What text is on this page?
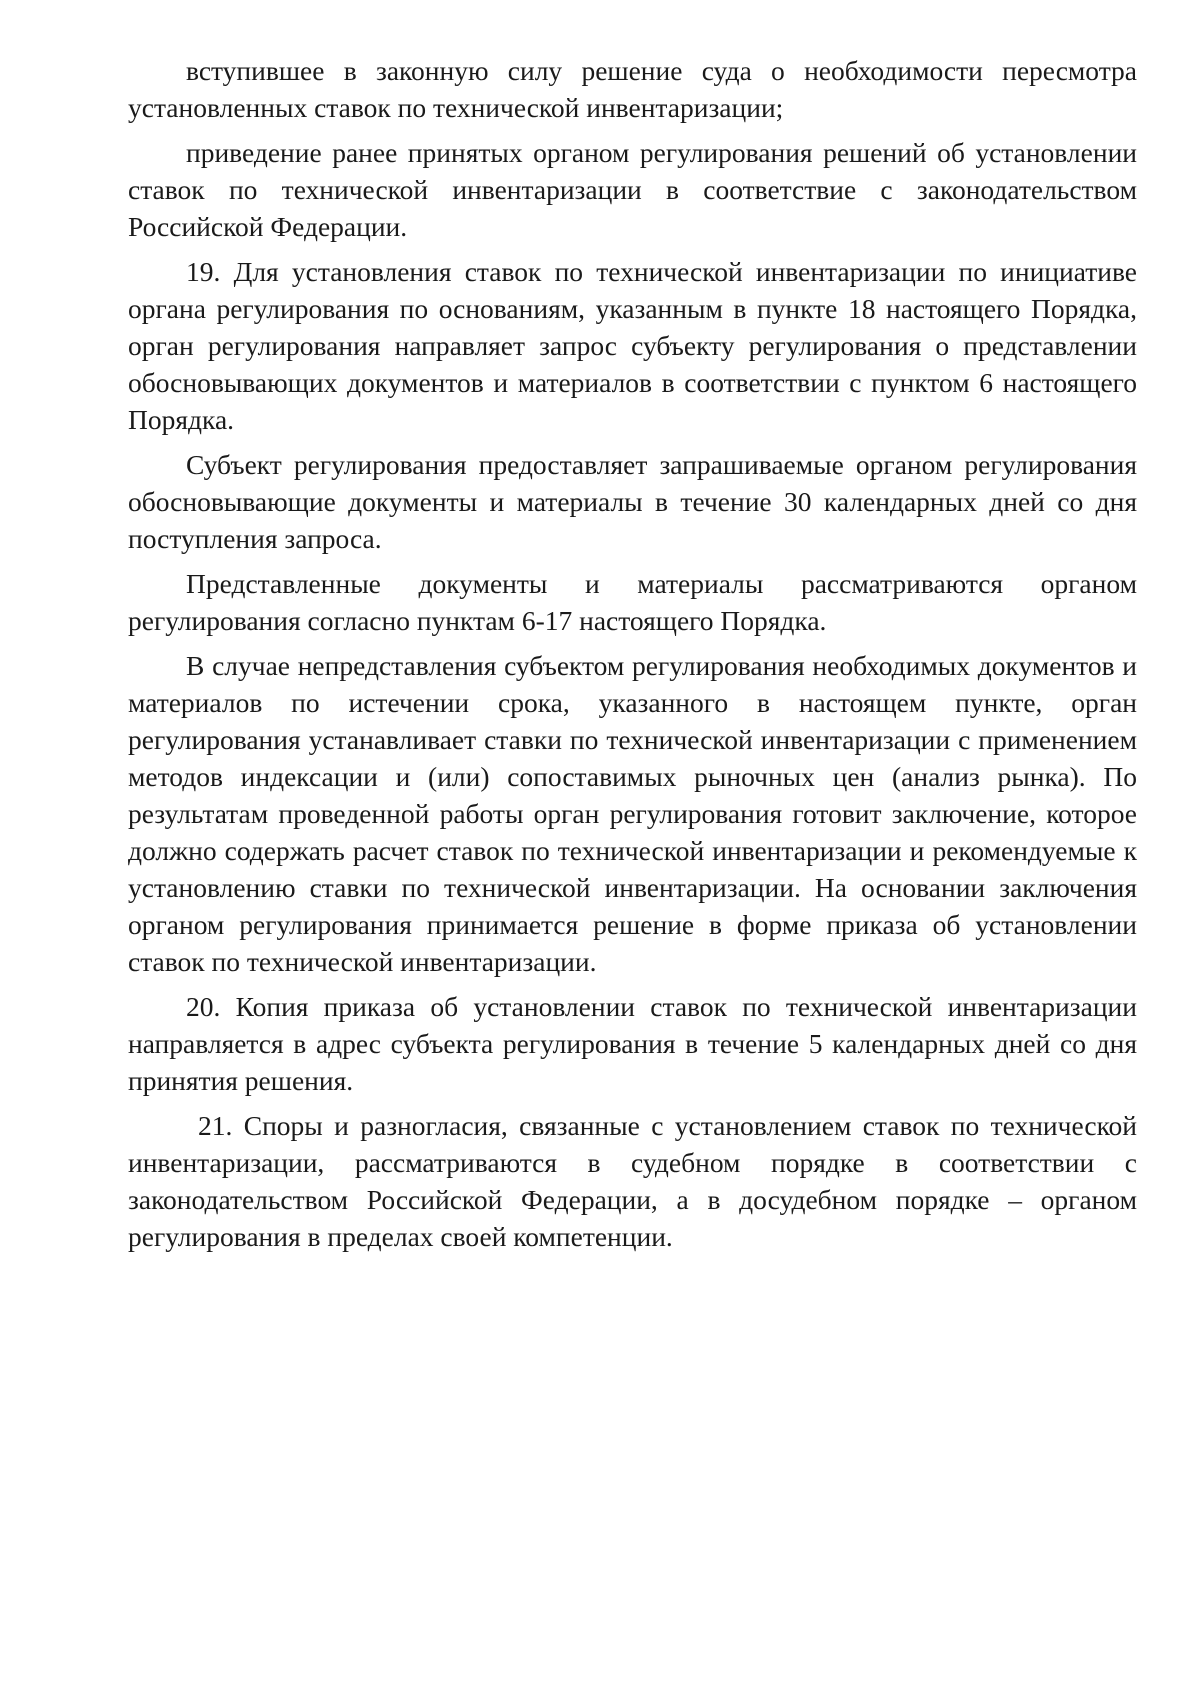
вступившее в законную силу решение суда о необходимости пересмотра установленных ставок по технической инвентаризации;

приведение ранее принятых органом регулирования решений об установлении ставок по технической инвентаризации в соответствие с законодательством Российской Федерации.

19. Для установления ставок по технической инвентаризации по инициативе органа регулирования по основаниям, указанным в пункте 18 настоящего Порядка, орган регулирования направляет запрос субъекту регулирования о представлении обосновывающих документов и материалов в соответствии с пунктом 6 настоящего Порядка.

Субъект регулирования предоставляет запрашиваемые органом регулирования обосновывающие документы и материалы в течение 30 календарных дней со дня поступления запроса.

Представленные документы и материалы рассматриваются органом регулирования согласно пунктам 6-17 настоящего Порядка.

В случае непредставления субъектом регулирования необходимых документов и материалов по истечении срока, указанного в настоящем пункте, орган регулирования устанавливает ставки по технической инвентаризации с применением методов индексации и (или) сопоставимых рыночных цен (анализ рынка). По результатам проведенной работы орган регулирования готовит заключение, которое должно содержать расчет ставок по технической инвентаризации и рекомендуемые к установлению ставки по технической инвентаризации. На основании заключения органом регулирования принимается решение в форме приказа об установлении ставок по технической инвентаризации.

20. Копия приказа об установлении ставок по технической инвентаризации направляется в адрес субъекта регулирования в течение 5 календарных дней со дня принятия решения.

21. Споры и разногласия, связанные с установлением ставок по технической инвентаризации, рассматриваются в судебном порядке в соответствии с законодательством Российской Федерации, а в досудебном порядке – органом регулирования в пределах своей компетенции.
